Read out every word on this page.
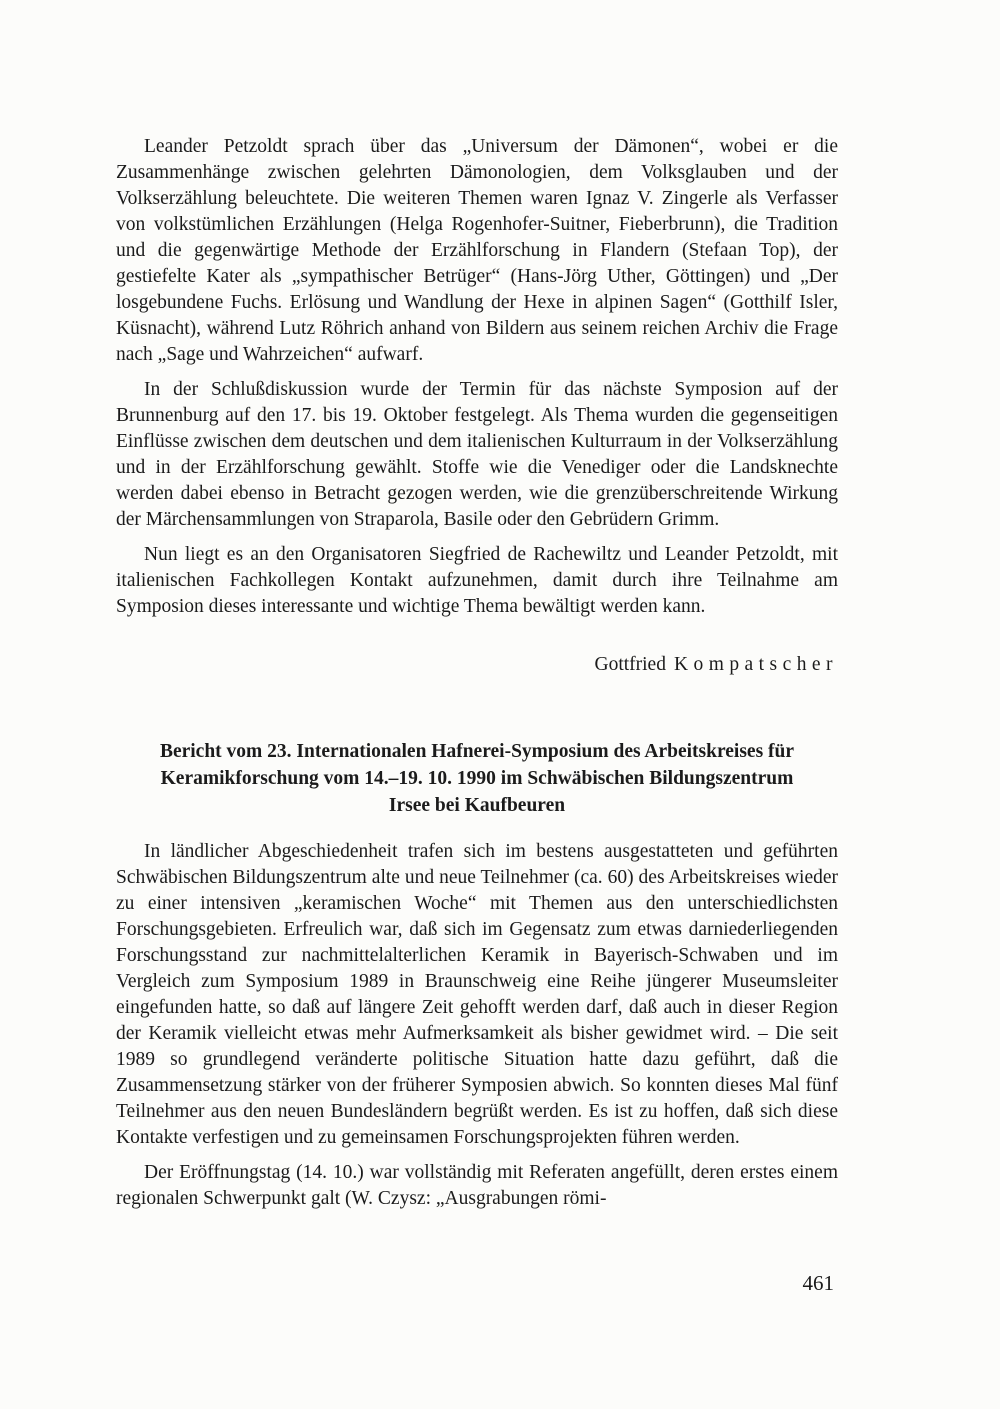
Leander Petzoldt sprach über das „Universum der Dämonen“, wobei er die Zusammenhänge zwischen gelehrten Dämonologien, dem Volksglauben und der Volkserzählung beleuchtete. Die weiteren Themen waren Ignaz V. Zingerle als Verfasser von volkstümlichen Erzählungen (Helga Rogenhofer-Suitner, Fieberbrunn), die Tradition und die gegenwärtige Methode der Erzählforschung in Flandern (Stefaan Top), der gestiefelte Kater als „sympathischer Betrüger“ (Hans-Jörg Uther, Göttingen) und „Der losgebundene Fuchs. Erlösung und Wandlung der Hexe in alpinen Sagen“ (Gotthilf Isler, Küsnacht), während Lutz Röhrich anhand von Bildern aus seinem reichen Archiv die Frage nach „Sage und Wahrzeichen“ aufwarf.

In der Schlußdiskussion wurde der Termin für das nächste Symposion auf der Brunnenburg auf den 17. bis 19. Oktober festgelegt. Als Thema wurden die gegenseitigen Einflüsse zwischen dem deutschen und dem italienischen Kulturraum in der Volkserzählung und in der Erzählforschung gewählt. Stoffe wie die Venediger oder die Landsknechte werden dabei ebenso in Betracht gezogen werden, wie die grenzüberschreitende Wirkung der Märchensammlungen von Straparola, Basile oder den Gebrüdern Grimm.

Nun liegt es an den Organisatoren Siegfried de Rachewiltz und Leander Petzoldt, mit italienischen Fachkollegen Kontakt aufzunehmen, damit durch ihre Teilnahme am Symposion dieses interessante und wichtige Thema bewältigt werden kann.

Gottfried Kompatscher
Bericht vom 23. Internationalen Hafnerei-Symposium des Arbeitskreises für
Keramikforschung vom 14.–19. 10. 1990 im Schwäbischen Bildungszentrum
Irsee bei Kaufbeuren

In ländlicher Abgeschiedenheit trafen sich im bestens ausgestatteten und geführten Schwäbischen Bildungszentrum alte und neue Teilnehmer (ca. 60) des Arbeitskreises wieder zu einer intensiven „keramischen Woche“ mit Themen aus den unterschiedlichsten Forschungsgebieten. Erfreulich war, daß sich im Gegensatz zum etwas darniederliegenden Forschungsstand zur nachmittelalterlichen Keramik in Bayerisch-Schwaben und im Vergleich zum Symposium 1989 in Braunschweig eine Reihe jüngerer Museumsleiter eingefunden hatte, so daß auf längere Zeit gehofft werden darf, daß auch in dieser Region der Keramik vielleicht etwas mehr Aufmerksamkeit als bisher gewidmet wird. – Die seit 1989 so grundlegend veränderte politische Situation hatte dazu geführt, daß die Zusammensetzung stärker von der früherer Symposien abwich. So konnten dieses Mal fünf Teilnehmer aus den neuen Bundesländern begrüßt werden. Es ist zu hoffen, daß sich diese Kontakte verfestigen und zu gemeinsamen Forschungsprojekten führen werden.

Der Eröffnungstag (14. 10.) war vollständig mit Referaten angefüllt, deren erstes einem regionalen Schwerpunkt galt (W. Czysz: „Ausgrabungen römi-

461
